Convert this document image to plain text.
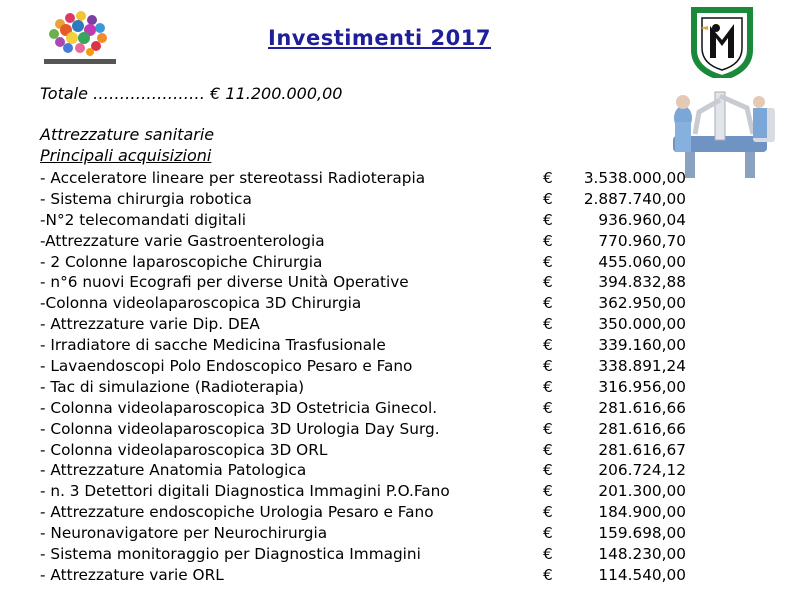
Investimenti 2017
Totale ………………… € 11.200.000,00
Attrezzature sanitarie
Principali acquisizioni
- Acceleratore lineare per stereotassi Radioterapia	€ 3.538.000,00
- Sistema chirurgia robotica	€ 2.887.740,00
-N°2 telecomandati digitali	€	936.960,04
-Attrezzature varie Gastroenterologia	€	770.960,70
- 2 Colonne laparoscopiche Chirurgia	€	455.060,00
- n°6 nuovi Ecografi per diverse Unità Operative	€	394.832,88
-Colonna videolaparoscopica 3D Chirurgia	€	362.950,00
- Attrezzature varie Dip. DEA	€	350.000,00
- Irradiatore di sacche Medicina Trasfusionale	€	339.160,00
- Lavaendoscopi Polo Endoscopico Pesaro e Fano	€	338.891,24
- Tac di simulazione (Radioterapia)	€	316.956,00
- Colonna videolaparoscopica 3D Ostetricia Ginecol.	€	281.616,66
- Colonna videolaparoscopica 3D Urologia Day Surg.	€	281.616,66
- Colonna videolaparoscopica 3D ORL	€	281.616,67
- Attrezzature Anatomia Patologica	€	206.724,12
- n. 3 Detettori digitali Diagnostica Immagini P.O.Fano	€	201.300,00
- Attrezzature endoscopiche Urologia Pesaro e Fano	€	184.900,00
- Neuronavigatore per Neurochirurgia	€	159.698,00
- Sistema monitoraggio per Diagnostica Immagini	€	148.230,00
- Attrezzature varie ORL	€	114.540,00
